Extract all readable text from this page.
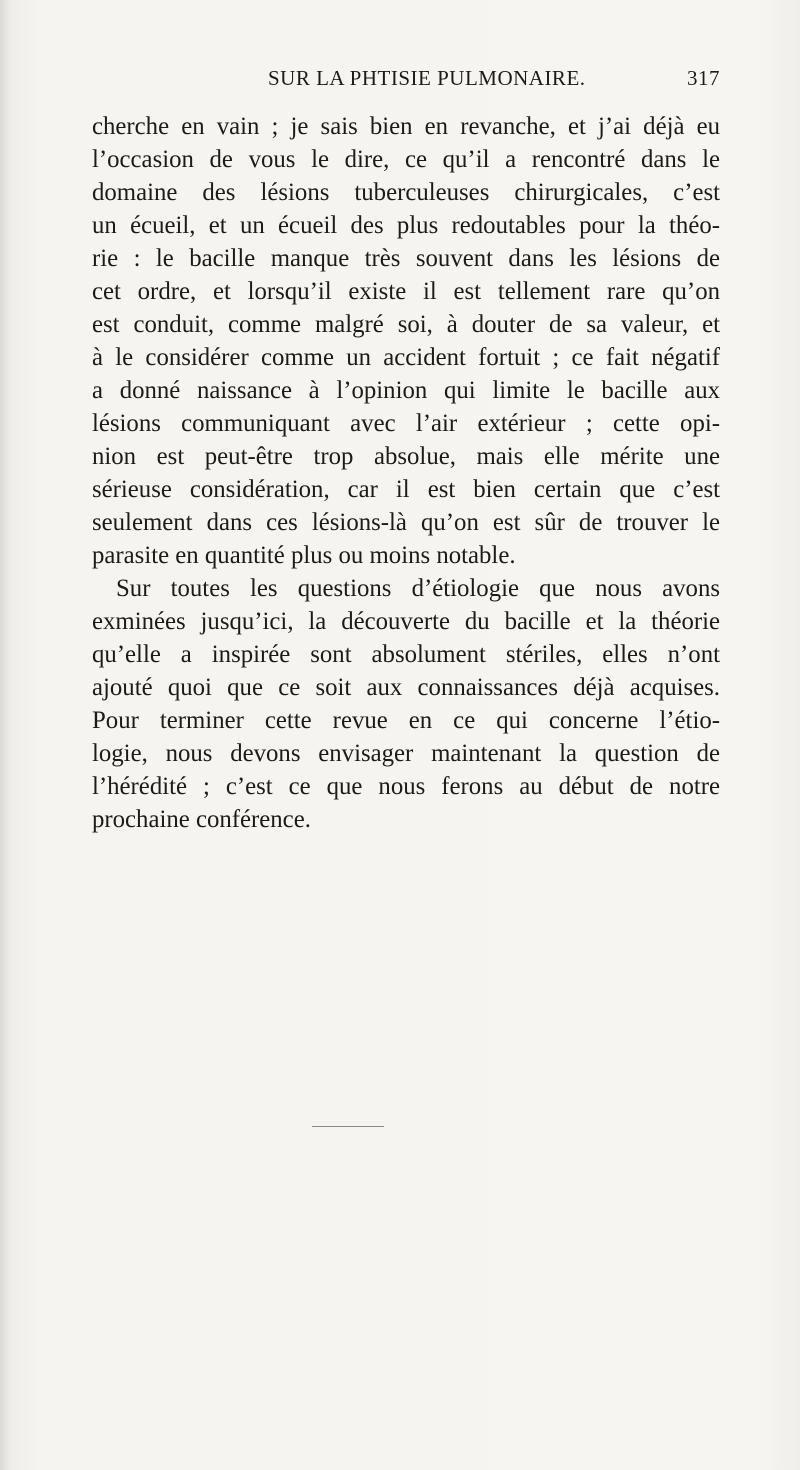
SUR LA PHTISIE PULMONAIRE.	317
cherche en vain ; je sais bien en revanche, et j’ai déjà eu
l’occasion de vous le dire, ce qu’il a rencontré dans le
domaine des lésions tuberculeuses chirurgicales, c’est
un écueil, et un écueil des plus redoutables pour la théo-
rie : le bacille manque très souvent dans les lésions de
cet ordre, et lorsqu’il existe il est tellement rare qu’on
est conduit, comme malgré soi, à douter de sa valeur, et
à le considérer comme un accident fortuit ; ce fait négatif
a donné naissance à l’opinion qui limite le bacille aux
lésions communiquant avec l’air extérieur ; cette opi-
nion est peut-être trop absolue, mais elle mérite une
sérieuse considération, car il est bien certain que c’est
seulement dans ces lésions-là qu’on est sûr de trouver le
parasite en quantité plus ou moins notable.
Sur toutes les questions d’étiologie que nous avons
exminées jusqu’ici, la découverte du bacille et la théorie
qu’elle a inspirée sont absolument stériles, elles n’ont
ajouté quoi que ce soit aux connaissances déjà acquises.
Pour terminer cette revue en ce qui concerne l’étio-
logie, nous devons envisager maintenant la question de
l’hérédité ; c’est ce que nous ferons au début de notre
prochaine conférence.
